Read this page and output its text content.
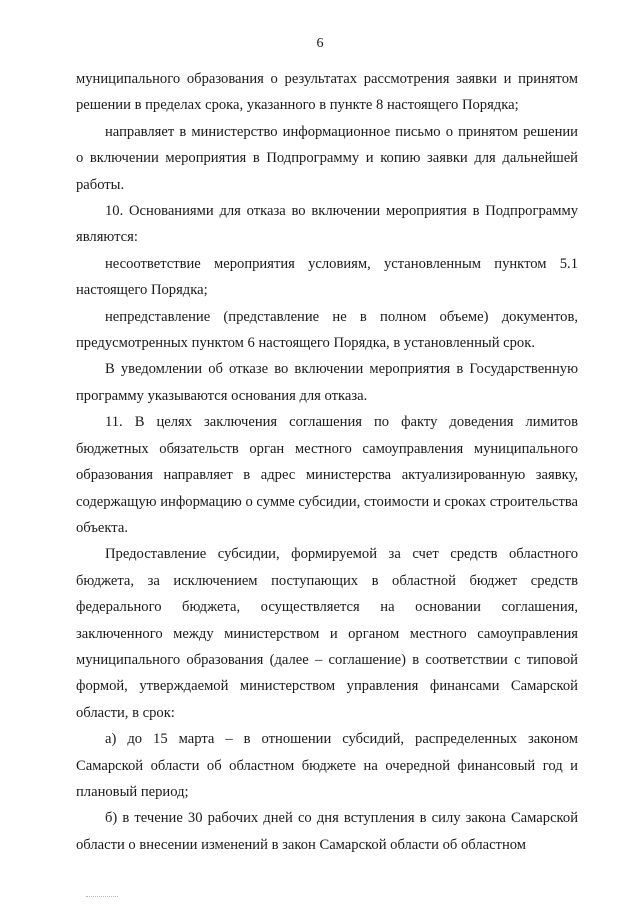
6

муниципального образования о результатах рассмотрения заявки и принятом решении в пределах срока, указанного в пункте 8 настоящего Порядка;

направляет в министерство информационное письмо о принятом решении о включении мероприятия в Подпрограмму и копию заявки для дальнейшей работы.

10. Основаниями для отказа во включении мероприятия в Подпрограмму являются:

несоответствие мероприятия условиям, установленным пунктом 5.1 настоящего Порядка;

непредставление (представление не в полном объеме) документов, предусмотренных пунктом 6 настоящего Порядка, в установленный срок.

В уведомлении об отказе во включении мероприятия в Государственную программу указываются основания для отказа.

11. В целях заключения соглашения по факту доведения лимитов бюджетных обязательств орган местного самоуправления муниципального образования направляет в адрес министерства актуализированную заявку, содержащую информацию о сумме субсидии, стоимости и сроках строительства объекта.

Предоставление субсидии, формируемой за счет средств областного бюджета, за исключением поступающих в областной бюджет средств федерального бюджета, осуществляется на основании соглашения, заключенного между министерством и органом местного самоуправления муниципального образования (далее – соглашение) в соответствии с типовой формой, утверждаемой министерством управления финансами Самарской области, в срок:

а) до 15 марта – в отношении субсидий, распределенных законом Самарской области об областном бюджете на очередной финансовый год и плановый период;

б) в течение 30 рабочих дней со дня вступления в силу закона Самарской области о внесении изменений в закон Самарской области об областном
